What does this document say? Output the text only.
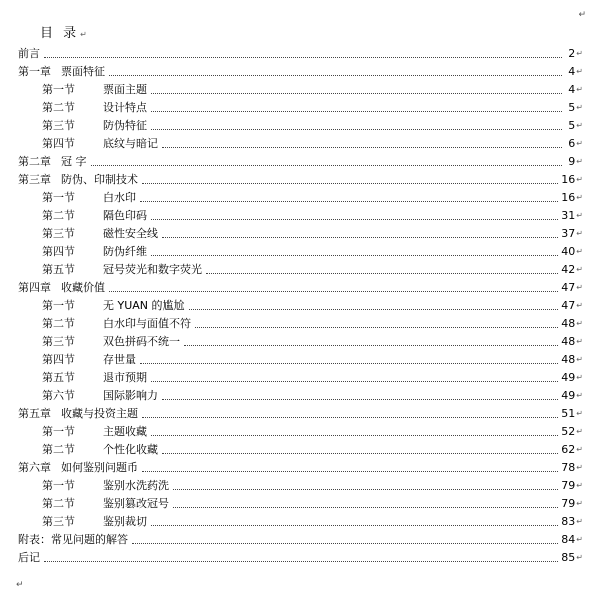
目 录↵
↵
前言	2 ↵
第一章 票面特征	4 ↵
第一节	票面主题	4 ↵
第二节	设计特点	5 ↵
第三节	防伪特征	5 ↵
第四节	底纹与暗记	6 ↵
第二章 冠 字	9 ↵
第三章 防伪、印制技术	16 ↵
第一节	白水印	16 ↵
第二节	隔色印码	31 ↵
第三节	磁性安全线	37 ↵
第四节	防伪纤维	40 ↵
第五节	冠号荧光和数字荧光	42 ↵
第四章 收藏价值	47 ↵
第一节	无 YUAN 的尴尬	47 ↵
第二节	白水印与面值不符	48 ↵
第三节	双色拼码不统一	48 ↵
第四节	存世量	48 ↵
第五节	退市预期	49 ↵
第六节	国际影响力	49 ↵
第五章 收藏与投资主题	51 ↵
第一节	主题收藏	52 ↵
第二节	个性化收藏	62 ↵
第六章 如何鉴别问题币	78 ↵
第一节	鉴别水洗药洗	79 ↵
第二节	鉴别篡改冠号	79 ↵
第三节	鉴别裁切	83 ↵
附表：常见问题的解答	84 ↵
后记	85 ↵
↵
